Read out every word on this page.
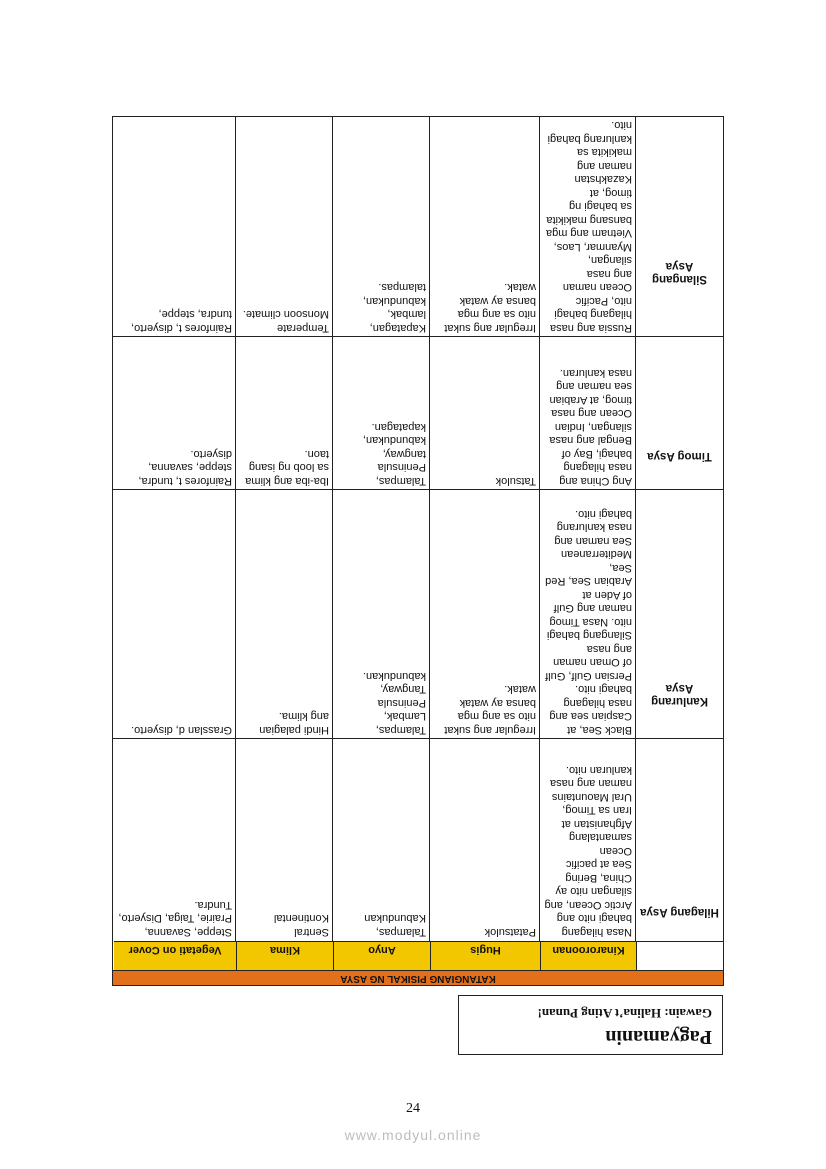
Pagyamanin
Gawain: Halina’t Ating Punan!
KATANGIANG PISIKAL NG ASYA
Kinaroroonan
Hugis
Anyo
Klima
Vegetati on Cover
Hilagang Asya
Nasa hilagang bahagi nito ang Arctic Ocean, ang silangan nito ay China, Bering Sea at pacific Ocean samantalang Afghanistan at Iran sa Timog, Ural Maountains naman ang nasa kanluran nito.
Patatsulok
Talampas, Kabundukan
Sentral Kontinental
Steppe, Savanna, Prairie, Taiga, Disyerto, Tundra.
Kanlurang Asya
Black Sea, at Caspian sea ang nasa hilagang bahagi nito. Persian Gulf, Gulf of Oman naman ang nasa Silangang bahagi nito. Nasa Timog naman ang Gulf of Aden at Arabian Sea, Red Sea, Mediterranean Sea naman ang nasa kanlurang bahagi nito.
Irregular ang sukat nito sa ang mga bansa ay watak watak.
Talampas, Lambak, Peninsula Tangway, kabundukan.
Hindi palagian ang klima.
Grasslan d, disyerto.
Timog Asya
Ang China ang nasa hilagang bahagi, Bay of Bengal ang nasa silangan, Indian Ocean ang nasa timog, at Arabian sea naman ang nasa kanluran.
Tatsulok
Talampas, Peninsula tangway, kabundukan, kapatagan.
Iba-iba ang klima sa loob ng isang taon.
Rainfores t, tundra, steppe, savanna, disyerto.
Silangang Asya
Russia ang nasa hilagang bahagi nito, Pacific Ocean naman ang nasa silangan, Myanmar, Laos, Vietnam ang mga bansang makikita sa bahagi ng timog, at Kazakhstan naman ang makikita sa kanlurang bahagi nito.
Irregular ang sukat nito sa ang mga bansa ay watak watak.
Kapatagan, lambak, kabundukan, talampas.
Temperate Monsoon climate.
Rainfores t, disyerto, tundra, steppe,
24
www.modyul.online
